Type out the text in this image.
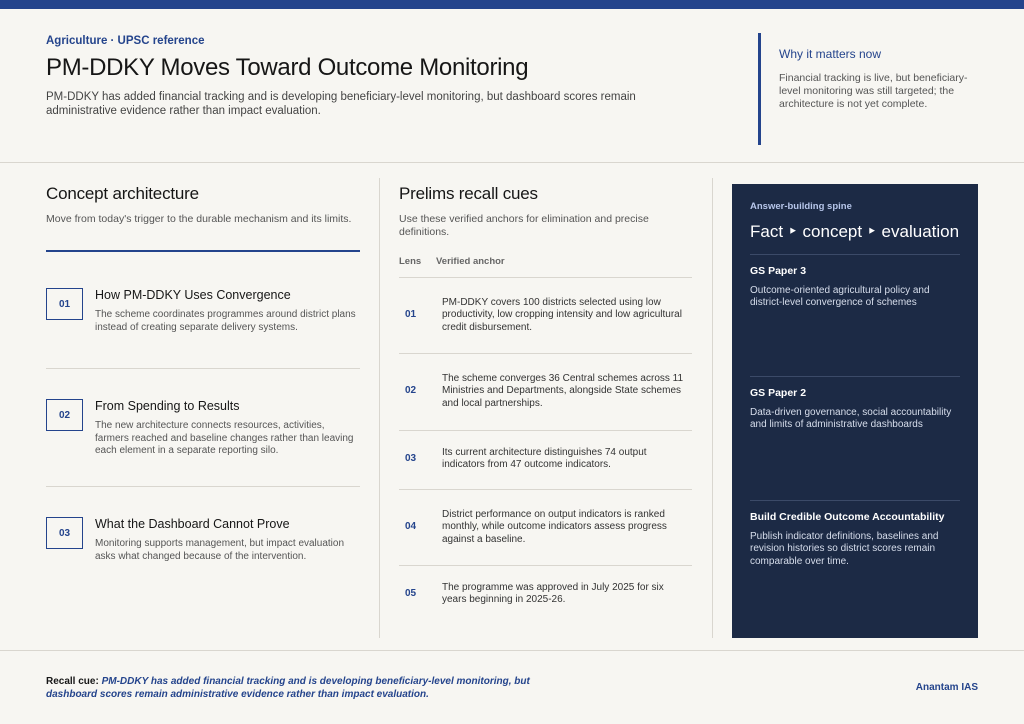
Agriculture · UPSC reference
PM-DDKY Moves Toward Outcome Monitoring

PM-DDKY has added financial tracking and is developing beneficiary-level monitoring, but dashboard scores remain administrative evidence rather than impact evaluation.

Why it matters now
Financial tracking is live, but beneficiary-level monitoring was still targeted; the architecture is not yet complete.
Concept architecture

Move from today's trigger to the durable mechanism and its limits.

01
How PM-DDKY Uses Convergence
The scheme coordinates programmes around district plans instead of creating separate delivery systems.
02
From Spending to Results
The new architecture connects resources, activities, farmers reached and baseline changes rather than leaving each element in a separate reporting silo.
03
What the Dashboard Cannot Prove
Monitoring supports management, but impact evaluation asks what changed because of the intervention.
Prelims recall cues

Use these verified anchors for elimination and precise definitions.

Lens Verified anchor
01
PM-DDKY covers 100 districts selected using low productivity, low cropping intensity and low agricultural credit disbursement.
02
The scheme converges 36 Central schemes across 11 Ministries and Departments, alongside State schemes and local partnerships.
03
Its current architecture distinguishes 74 output indicators from 47 outcome indicators.
04
District performance on output indicators is ranked monthly, while outcome indicators assess progress against a baseline.
05
The programme was approved in July 2025 for six years beginning in 2025-26.
Answer-building spine
Fact ‣ concept ‣ evaluation
GS Paper 3
Outcome-oriented agricultural policy and district-level convergence of schemes
GS Paper 2
Data-driven governance, social accountability and limits of administrative dashboards
Build Credible Outcome Accountability
Publish indicator definitions, baselines and revision histories so district scores remain comparable over time.

Recall cue: PM-DDKY has added financial tracking and is developing beneficiary-level monitoring, but dashboard scores remain administrative evidence rather than impact evaluation.

Anantam IAS
